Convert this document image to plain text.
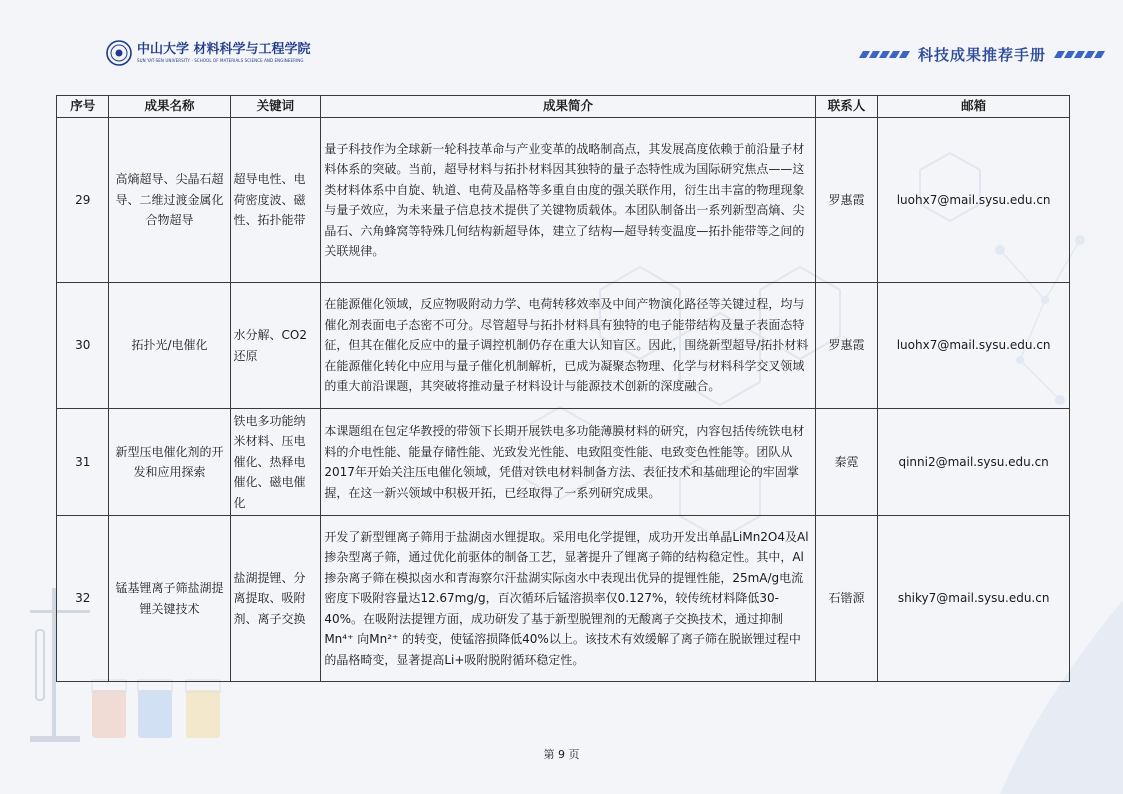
中山大学 材料科学与工程学院
SUN YAT-SEN UNIVERSITY · SCHOOL OF MATERIALS SCIENCE AND ENGINEERING	科技成果推荐手册
序号	成果名称	关键词	成果简介	联系人	邮箱
29	高熵超导、尖晶石超导、二维过渡金属化合物超导	超导电性、电荷密度波、磁性、拓扑能带	量子科技作为全球新一轮科技革命与产业变革的战略制高点，其发展高度依赖于前沿量子材料体系的突破。当前，超导材料与拓扑材料因其独特的量子态特性成为国际研究焦点——这类材料体系中自旋、轨道、电荷及晶格等多重自由度的强关联作用，衍生出丰富的物理现象与量子效应，为未来量子信息技术提供了关键物质载体。本团队制备出一系列新型高熵、尖晶石、六角蜂窝等特殊几何结构新超导体，建立了结构—超导转变温度—拓扑能带等之间的关联规律。	罗惠霞	luohx7@mail.sysu.edu.cn
30	拓扑光/电催化	水分解、CO2还原	在能源催化领域，反应物吸附动力学、电荷转移效率及中间产物演化路径等关键过程，均与催化剂表面电子态密不可分。尽管超导与拓扑材料具有独特的电子能带结构及量子表面态特征，但其在催化反应中的量子调控机制仍存在重大认知盲区。因此，围绕新型超导/拓扑材料在能源催化转化中应用与量子催化机制解析，已成为凝聚态物理、化学与材料科学交叉领域的重大前沿课题，其突破将推动量子材料设计与能源技术创新的深度融合。	罗惠霞	luohx7@mail.sysu.edu.cn
31	新型压电催化剂的开发和应用探索	铁电多功能纳米材料、压电催化、热释电催化、磁电催化	本课题组在包定华教授的带领下长期开展铁电多功能薄膜材料的研究，内容包括传统铁电材料的介电性能、能量存储性能、光致发光性能、电致阻变性能、电致变色性能等。团队从2017年开始关注压电催化领域，凭借对铁电材料制备方法、表征技术和基础理论的牢固掌握，在这一新兴领域中积极开拓，已经取得了一系列研究成果。	秦霓	qinni2@mail.sysu.edu.cn
32	锰基锂离子筛盐湖提锂关键技术	盐湖提锂、分离提取、吸附剂、离子交换	开发了新型锂离子筛用于盐湖卤水锂提取。采用电化学提锂，成功开发出单晶LiMn2O4及Al掺杂型离子筛，通过优化前驱体的制备工艺，显著提升了锂离子筛的结构稳定性。其中，Al掺杂离子筛在模拟卤水和青海察尔汗盐湖实际卤水中表现出优异的提锂性能，25mA/g电流密度下吸附容量达12.67mg/g，百次循环后锰溶损率仅0.127%，较传统材料降低30-40%。在吸附法提锂方面，成功研发了基于新型脱锂剂的无酸离子交换技术，通过抑制Mn⁴⁺ 向Mn²⁺ 的转变，使锰溶损降低40%以上。该技术有效缓解了离子筛在脱嵌锂过程中的晶格畸变，显著提高Li+吸附脱附循环稳定性。	石锴源	shiky7@mail.sysu.edu.cn
第 9 页
